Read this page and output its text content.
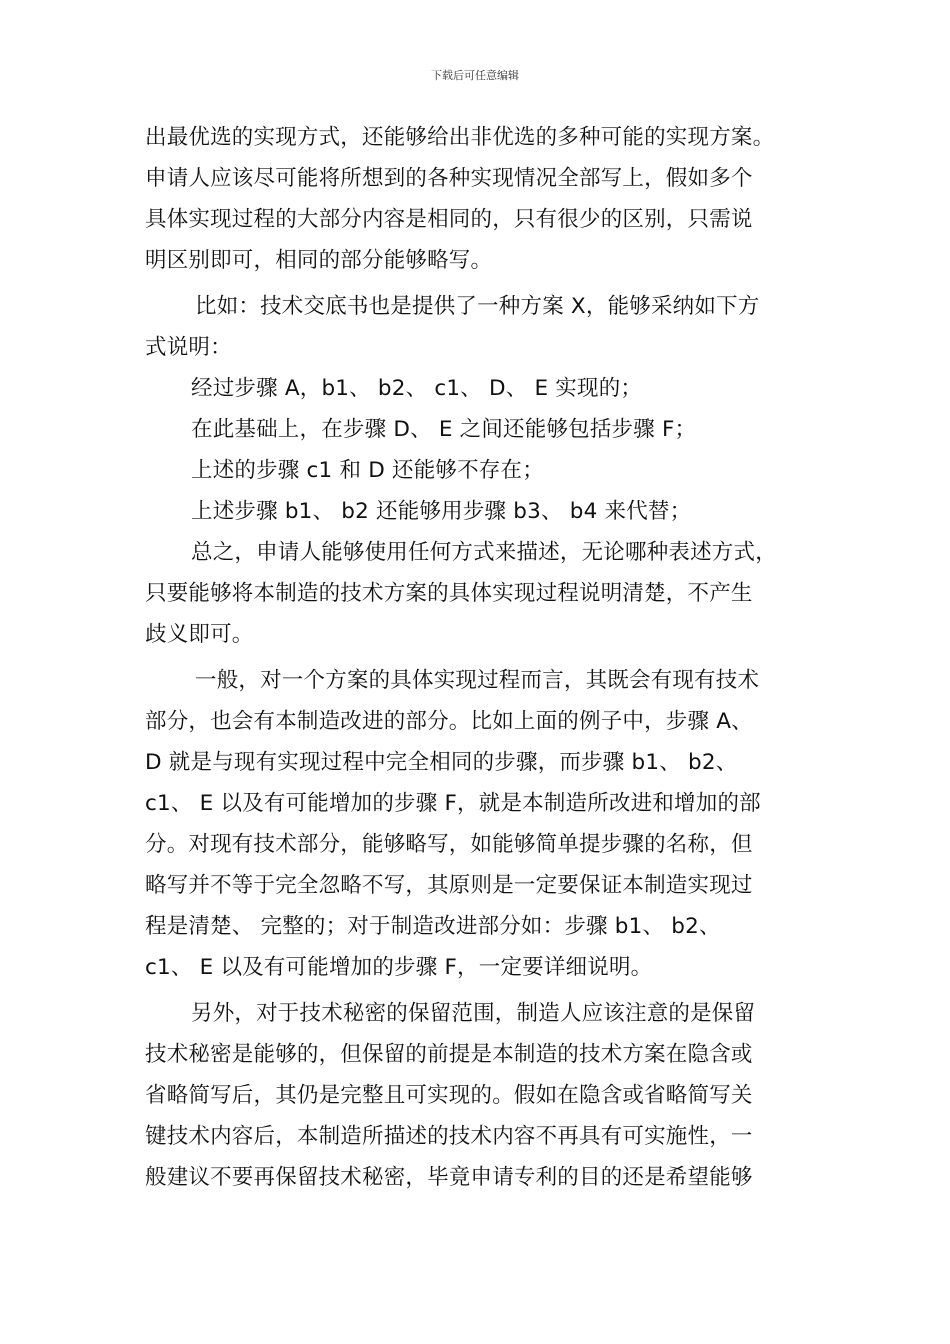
下载后可任意编辑
出最优选的实现方式，还能够给出非优选的多种可能的实现方案。
申请人应该尽可能将所想到的各种实现情况全部写上，假如多个
具体实现过程的大部分内容是相同的，只有很少的区别，只需说
明区别即可，相同的部分能够略写。
比如：技术交底书也是提供了一种方案 X，能够采纳如下方
式说明：
经过步骤 A，b1、 b2、 c1、 D、 E 实现的；
在此基础上，在步骤 D、 E 之间还能够包括步骤 F；
上述的步骤 c1 和 D 还能够不存在；
上述步骤 b1、 b2 还能够用步骤 b3、 b4 来代替；
总之，申请人能够使用任何方式来描述，无论哪种表述方式，
只要能够将本制造的技术方案的具体实现过程说明清楚，不产生
歧义即可。
一般，对一个方案的具体实现过程而言，其既会有现有技术
部分，也会有本制造改进的部分。比如上面的例子中，步骤 A、
D 就是与现有实现过程中完全相同的步骤，而步骤 b1、 b2、
c1、 E 以及有可能增加的步骤 F，就是本制造所改进和增加的部
分。对现有技术部分，能够略写，如能够简单提步骤的名称，但
略写并不等于完全忽略不写，其原则是一定要保证本制造实现过
程是清楚、 完整的；对于制造改进部分如：步骤 b1、 b2、
c1、 E 以及有可能增加的步骤 F，一定要详细说明。
另外，对于技术秘密的保留范围，制造人应该注意的是保留
技术秘密是能够的，但保留的前提是本制造的技术方案在隐含或
省略简写后，其仍是完整且可实现的。假如在隐含或省略简写关
键技术内容后，本制造所描述的技术内容不再具有可实施性，一
般建议不要再保留技术秘密，毕竟申请专利的目的还是希望能够
